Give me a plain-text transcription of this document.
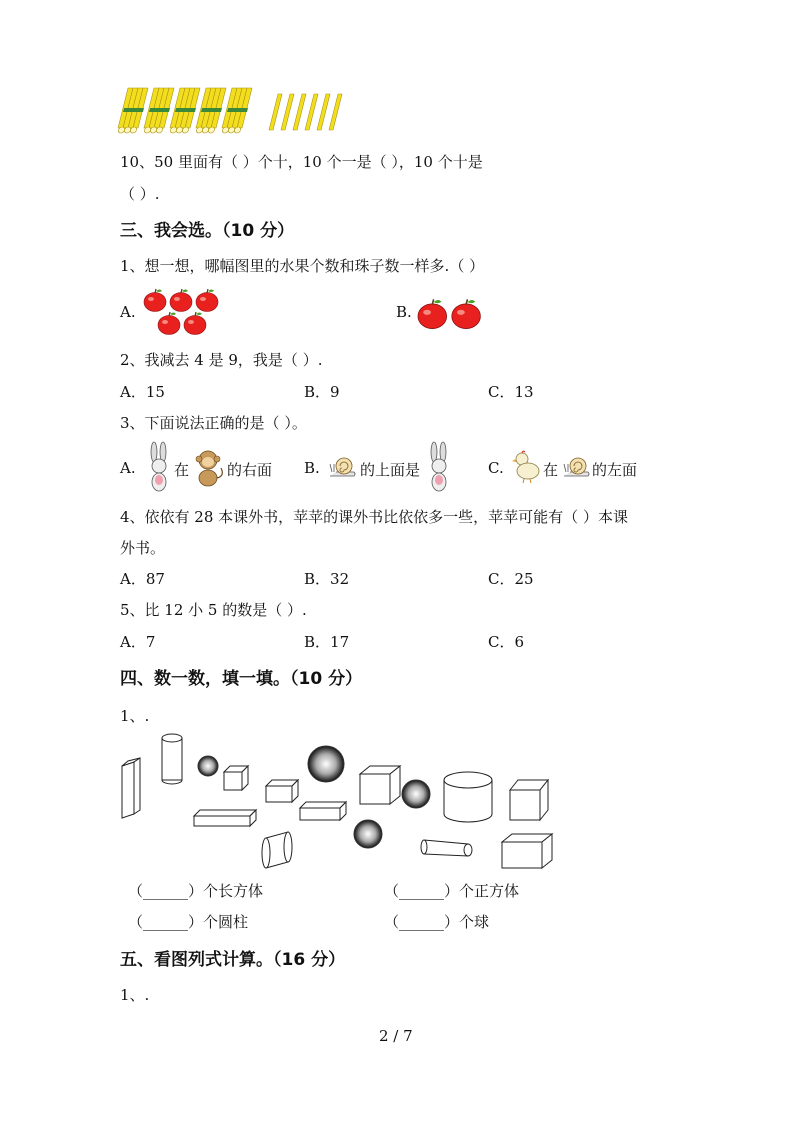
10、50 里面有（ ）个十，10 个一是（ ），10 个十是
（ ）.
三、我会选。（10 分）
1、想一想，哪幅图里的水果个数和珠子数一样多.（ ）
A.	B.
2、我减去 4 是 9，我是（ ）.
A．15	B．9	C．13
3、下面说法正确的是（ ）。
A.	在	的右面 B.	的上面是	C.	在 的左面
4、依依有 28 本课外书，苹苹的课外书比依依多一些，苹苹可能有（ ）本课
外书。
A．87	B．32	C．25
5、比 12 小 5 的数是（ ）.
A．7	B．17	C．6
四、数一数，填一填。（10 分）
1、.
（______）个长方体	（______）个正方体
（______）个圆柱	（______）个球
五、看图列式计算。（16 分）
1、.
2 / 7
